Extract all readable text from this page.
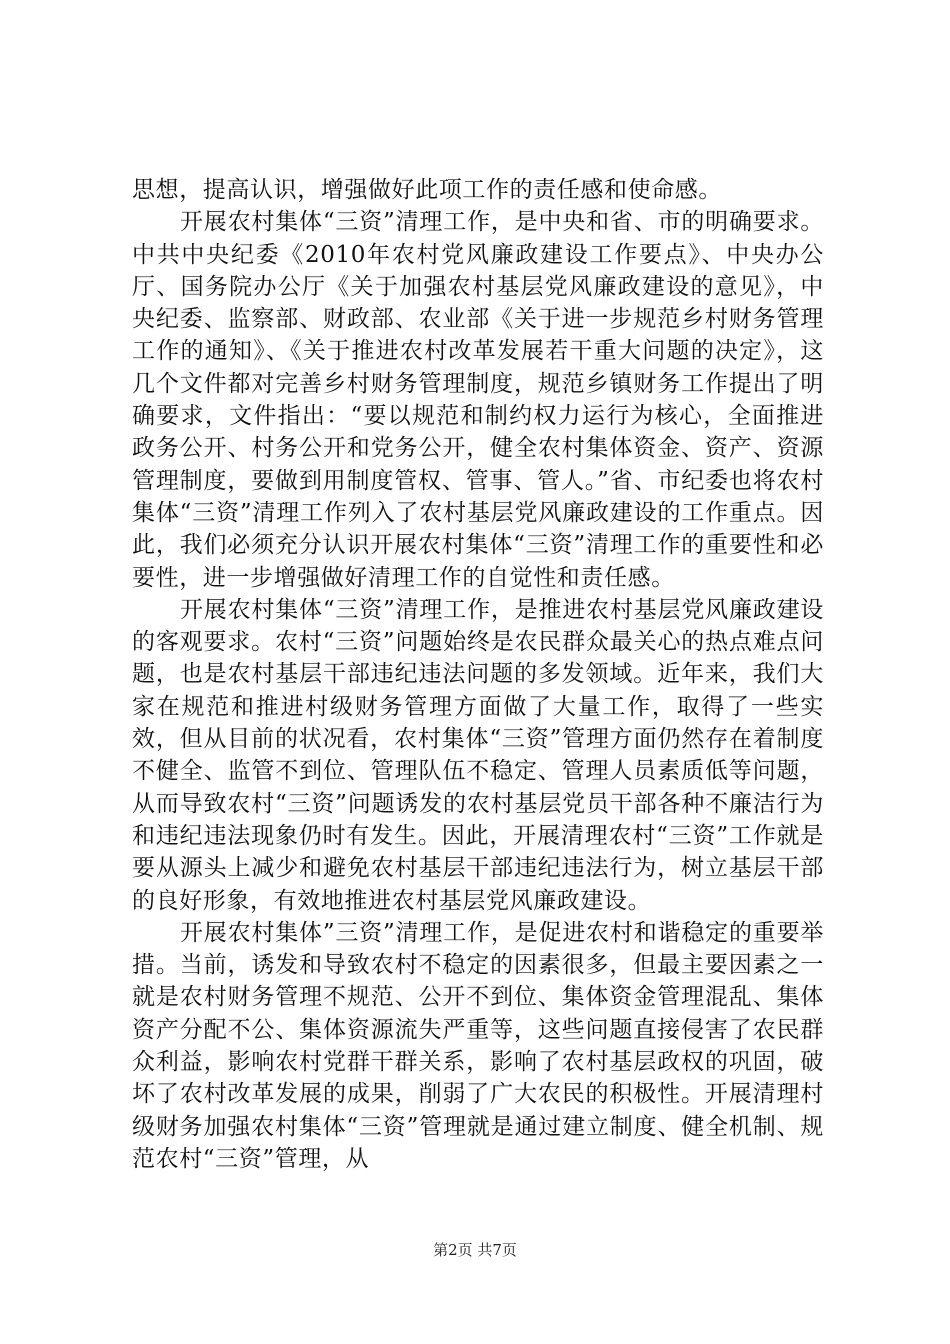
思想，提高认识，增强做好此项工作的责任感和使命感。

开展农村集体“三资”清理工作，是中央和省、市的明确要求。中共中央纪委《2010年农村党风廉政建设工作要点》、中央办公厅、国务院办公厅《关于加强农村基层党风廉政建设的意见》，中央纪委、监察部、财政部、农业部《关于进一步规范乡村财务管理工作的通知》、《关于推进农村改革发展若干重大问题的决定》，这几个文件都对完善乡村财务管理制度，规范乡镇财务工作提出了明确要求，文件指出：“要以规范和制约权力运行为核心，全面推进政务公开、村务公开和党务公开，健全农村集体资金、资产、资源管理制度，要做到用制度管权、管事、管人。”省、市纪委也将农村集体“三资”清理工作列入了农村基层党风廉政建设的工作重点。因此，我们必须充分认识开展农村集体“三资”清理工作的重要性和必要性，进一步增强做好清理工作的自觉性和责任感。

开展农村集体“三资”清理工作，是推进农村基层党风廉政建设的客观要求。农村“三资”问题始终是农民群众最关心的热点难点问题，也是农村基层干部违纪违法问题的多发领域。近年来，我们大家在规范和推进村级财务管理方面做了大量工作，取得了一些实效，但从目前的状况看，农村集体“三资”管理方面仍然存在着制度不健全、监管不到位、管理队伍不稳定、管理人员素质低等问题，从而导致农村“三资”问题诱发的农村基层党员干部各种不廉洁行为和违纪违法现象仍时有发生。因此，开展清理农村“三资”工作就是要从源头上减少和避免农村基层干部违纪违法行为，树立基层干部的良好形象，有效地推进农村基层党风廉政建设。

开展农村集体”三资”清理工作，是促进农村和谐稳定的重要举措。当前，诱发和导致农村不稳定的因素很多，但最主要因素之一就是农村财务管理不规范、公开不到位、集体资金管理混乱、集体资产分配不公、集体资源流失严重等，这些问题直接侵害了农民群众利益，影响农村党群干群关系，影响了农村基层政权的巩固，破坏了农村改革发展的成果，削弱了广大农民的积极性。开展清理村级财务加强农村集体“三资”管理就是通过建立制度、健全机制、规范农村“三资”管理，从

第2页 共7页
